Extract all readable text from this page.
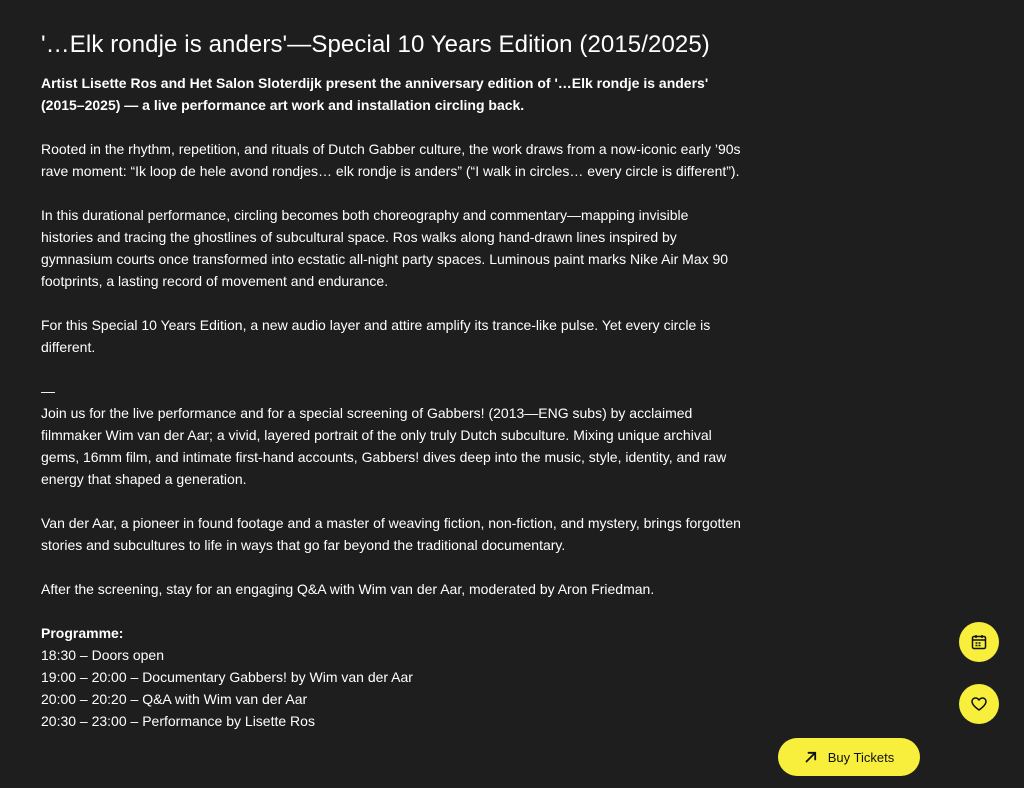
'…Elk rondje is anders'—Special 10 Years Edition (2015/2025)

Artist Lisette Ros and Het Salon Sloterdijk present the anniversary edition of '…Elk rondje is anders' (2015–2025) — a live performance art work and installation circling back.

Rooted in the rhythm, repetition, and rituals of Dutch Gabber culture, the work draws from a now-iconic early ’90s rave moment: “Ik loop de hele avond rondjes… elk rondje is anders” (“I walk in circles… every circle is different”).

In this durational performance, circling becomes both choreography and commentary—mapping invisible histories and tracing the ghostlines of subcultural space. Ros walks along hand-drawn lines inspired by gymnasium courts once transformed into ecstatic all-night party spaces. Luminous paint marks Nike Air Max 90 footprints, a lasting record of movement and endurance.

For this Special 10 Years Edition, a new audio layer and attire amplify its trance-like pulse. Yet every circle is different.

—
Join us for the live performance and for a special screening of Gabbers! (2013—ENG subs) by acclaimed filmmaker Wim van der Aar; a vivid, layered portrait of the only truly Dutch subculture. Mixing unique archival gems, 16mm film, and intimate first-hand accounts, Gabbers! dives deep into the music, style, identity, and raw energy that shaped a generation.

Van der Aar, a pioneer in found footage and a master of weaving fiction, non-fiction, and mystery, brings forgotten stories and subcultures to life in ways that go far beyond the traditional documentary.

After the screening, stay for an engaging Q&A with Wim van der Aar, moderated by Aron Friedman.

Programme:

18:30 – Doors open

19:00 – 20:00 – Documentary Gabbers! by Wim van der Aar

20:00 – 20:20 – Q&A with Wim van der Aar

20:30 – 23:00 – Performance by Lisette Ros

Buy Tickets
